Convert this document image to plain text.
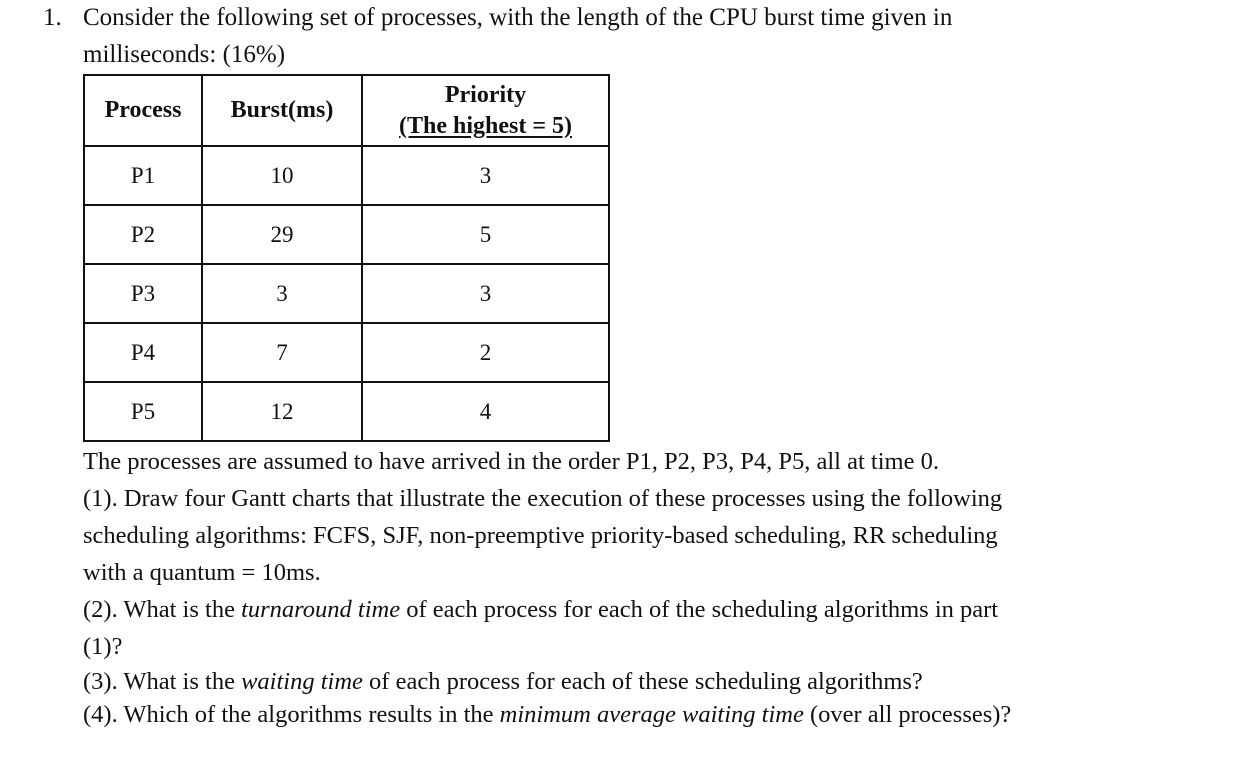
1. Consider the following set of processes, with the length of the CPU burst time given in
milliseconds: (16%)
Process	Burst(ms)	Priority
(The highest = 5)

P1	10	3
P2	29	5
P3	3	3
P4	7	2
P5	12	4

The processes are assumed to have arrived in the order P1, P2, P3, P4, P5, all at time 0.

(1). Draw four Gantt charts that illustrate the execution of these processes using the following

scheduling algorithms: FCFS, SJF, non-preemptive priority-based scheduling, RR scheduling

with a quantum = 10ms.

(2). What is the turnaround time of each process for each of the scheduling algorithms in part

(1)?

(3). What is the waiting time of each process for each of these scheduling algorithms?

(4). Which of the algorithms results in the minimum average waiting time (over all processes)?
